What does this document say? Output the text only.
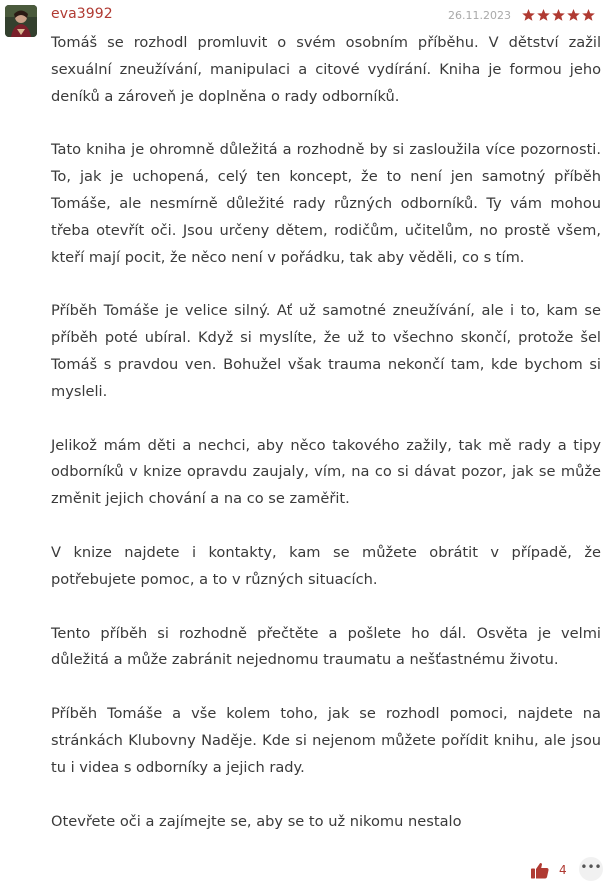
eva3992	26.11.2023

Tomáš se rozhodl promluvit o svém osobním příběhu. V dětství zažil sexuální zneužívání, manipulaci a citové vydírání. Kniha je formou jeho deníků a zároveň je doplněna o rady odborníků.

Tato kniha je ohromně důležitá a rozhodně by si zasloužila více pozornosti. To, jak je uchopená, celý ten koncept, že to není jen samotný příběh Tomáše, ale nesmírně důležité rady různých odborníků. Ty vám mohou třeba otevřít oči. Jsou určeny dětem, rodičům, učitelům, no prostě všem, kteří mají pocit, že něco není v pořádku, tak aby věděli, co s tím.

Příběh Tomáše je velice silný. Ať už samotné zneužívání, ale i to, kam se příběh poté ubíral. Když si myslíte, že už to všechno skončí, protože šel Tomáš s pravdou ven. Bohužel však trauma nekončí tam, kde bychom si mysleli.

Jelikož mám děti a nechci, aby něco takového zažily, tak mě rady a tipy odborníků v knize opravdu zaujaly, vím, na co si dávat pozor, jak se může změnit jejich chování a na co se zaměřit.

V knize najdete i kontakty, kam se můžete obrátit v případě, že potřebujete pomoc, a to v různých situacích.

Tento příběh si rozhodně přečtěte a pošlete ho dál. Osvěta je velmi důležitá a může zabránit nejednomu traumatu a nešťastnému životu.

Příběh Tomáše a vše kolem toho, jak se rozhodl pomoci, najdete na stránkách Klubovny Naděje. Kde si nejenom můžete pořídit knihu, ale jsou tu i videa s odborníky a jejich rady.

Otevřete oči a zajímejte se, aby se to už nikomu nestalo

4 •••
